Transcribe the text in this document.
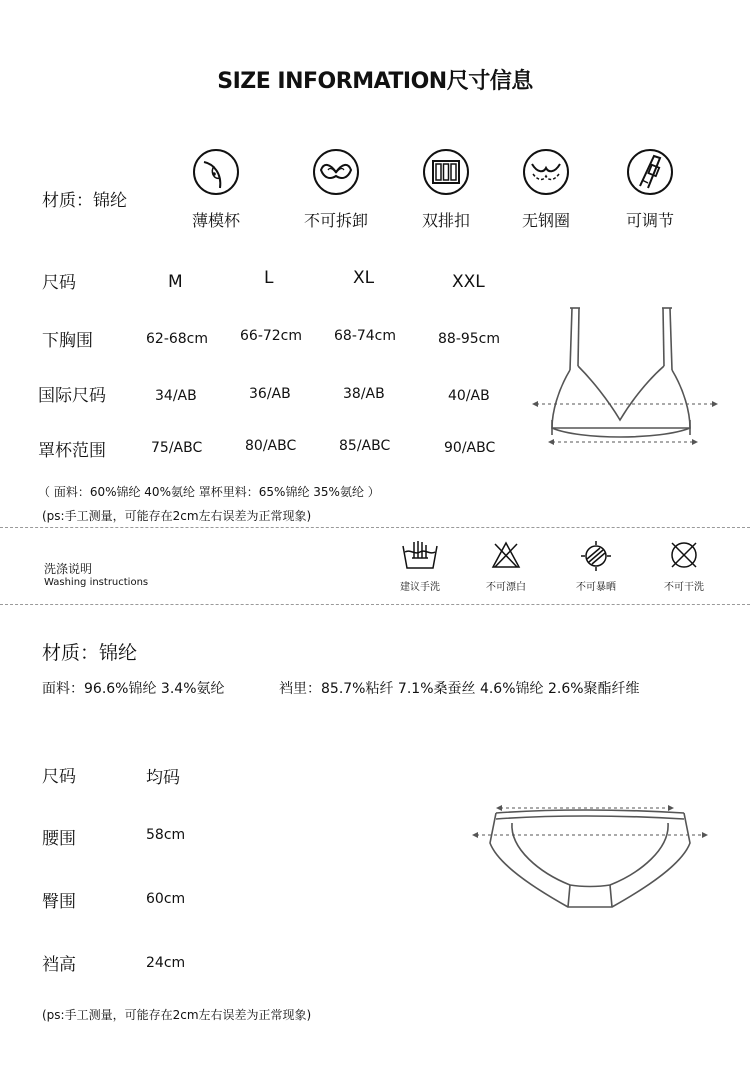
SIZE INFORMATION尺寸信息
材质：锦纶
薄模杯	不可拆卸	双排扣	无钢圈	可调节
尺码	M	L	XL	XXL
下胸围	62-68cm 66-72cm 68-74cm	88-95cm
国际尺码	34/AB	36/AB	38/AB	40/AB
罩杯范围	75/ABC	80/ABC	85/ABC	90/ABC
（ 面料：60%锦纶 40%氨纶 罩杯里料：65%锦纶 35%氨纶 ）
(ps:手工测量，可能存在2cm左右误差为正常现象)
洗涤说明
Washing instructions	建议手洗	不可漂白	不可暴晒	不可干洗
材质：锦纶
面料：96.6%锦纶 3.4%氨纶	裆里：85.7%粘纤 7.1%桑蚕丝 4.6%锦纶 2.6%聚酯纤维
尺码	均码
腰围	58cm
臀围	60cm
裆高	24cm
(ps:手工测量，可能存在2cm左右误差为正常现象)
